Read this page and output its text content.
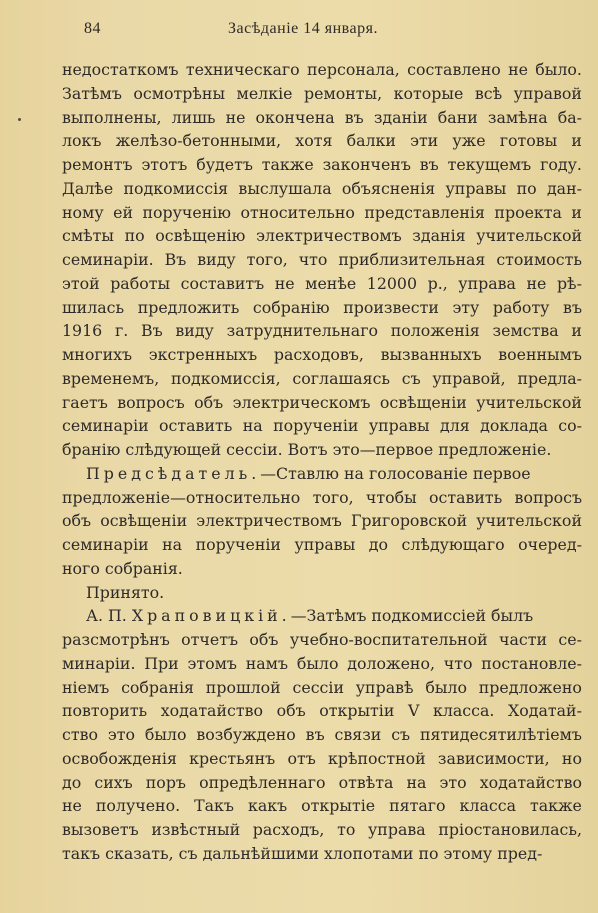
84	Засѣданіе 14 января.

недостаткомъ техническаго персонала, составлено не было.
Затѣмъ осмотрѣны мелкіе ремонты, которые всѣ управой
выполнены, лишь не окончена въ зданіи бани замѣна ба-
локъ желѣзо-бетонными, хотя балки эти уже готовы и
ремонтъ этотъ будетъ также законченъ въ текущемъ году.
Далѣе подкомиссія выслушала объясненія управы по дан-
ному ей порученію относительно представленія проекта и
смѣты по освѣщенію электричествомъ зданія учительской
семинаріи. Въ виду того, что приблизительная стоимость
этой работы составитъ не менѣе 12000 р., управа не рѣ-
шилась предложить собранію произвести эту работу въ
1916 г. Въ виду затруднительнаго положенія земства и
многихъ экстренныхъ расходовъ, вызванныхъ военнымъ
временемъ, подкомиссія, соглашаясь съ управой, предла-
гаетъ вопросъ объ электрическомъ освѣщеніи учительской
семинаріи оставить на порученіи управы для доклада со-
бранію слѣдующей сессіи. Вотъ это—первое предложеніе.

Предсѣдатель.—Ставлю на голосованіе первое
предложеніе—относительно того, чтобы оставить вопросъ
объ освѣщеніи электричествомъ Григоровской учительской
семинаріи на порученіи управы до слѣдующаго очеред-
ного собранія.

Принято.

А. П. Храповицкій.—Затѣмъ подкомиссіей былъ
разсмотрѣнъ отчетъ объ учебно-воспитательной части се-
минаріи. При этомъ намъ было доложено, что постановле-
ніемъ собранія прошлой сессіи управѣ было предложено
повторить ходатайство объ открытіи V класса. Ходатай-
ство это было возбуждено въ связи съ пятидесятилѣтіемъ
освобожденія крестьянъ отъ крѣпостной зависимости, но
до сихъ поръ опредѣленнаго отвѣта на это ходатайство
не получено. Такъ какъ открытіе пятаго класса также
вызоветъ извѣстный расходъ, то управа пріостановилась,
такъ сказать, съ дальнѣйшими хлопотами по этому пред-
